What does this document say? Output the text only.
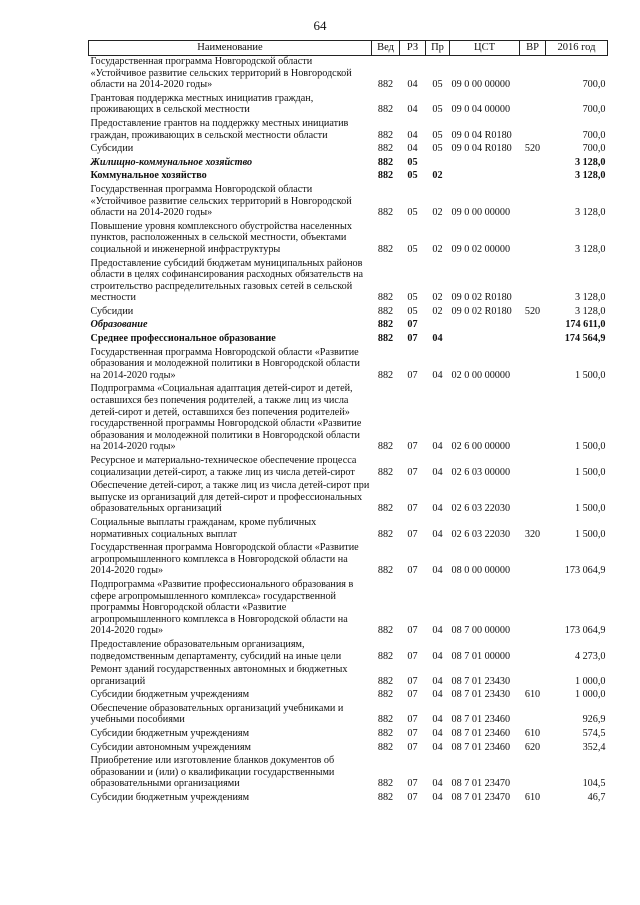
64
Наименование	Вед	РЗ	Пр	ЦСТ	ВР	2016 год
Государственная программа Новгородской области «Устойчивое развитие сельских территорий в Новгородской области на 2014-2020 годы»	882	04	05	09 0 00 00000		700,0
Грантовая поддержка местных инициатив граждан, проживающих в сельской местности	882	04	05	09 0 04 00000		700,0
Предоставление грантов на поддержку местных инициатив граждан, проживающих в сельской местности области	882	04	05	09 0 04 R0180		700,0
Субсидии	882	04	05	09 0 04 R0180	520	700,0
Жилищно-коммунальное хозяйство	882	05				3 128,0
Коммунальное хозяйство	882	05	02			3 128,0
Государственная программа Новгородской области «Устойчивое развитие сельских территорий в Новгородской области на 2014-2020 годы»	882	05	02	09 0 00 00000		3 128,0
Повышение уровня комплексного обустройства населенных пунктов, расположенных в сельской местности, объектами социальной и инженерной инфраструктуры	882	05	02	09 0 02 00000		3 128,0
Предоставление субсидий бюджетам муниципальных районов области в целях софинансирования расходных обязательств на строительство распределительных газовых сетей в сельской местности	882	05	02	09 0 02 R0180		3 128,0
Субсидии	882	05	02	09 0 02 R0180	520	3 128,0
Образование	882	07				174 611,0
Среднее профессиональное образование	882	07	04			174 564,9
Государственная программа Новгородской области «Развитие образования и молодежной политики в Новгородской области на 2014-2020 годы»	882	07	04	02 0 00 00000		1 500,0
Подпрограмма «Социальная адаптация детей-сирот и детей, оставшихся без попечения родителей, а также лиц из числа детей-сирот и детей, оставшихся без попечения родителей» государственной программы Новгородской области «Развитие образования и молодежной политики в Новгородской области на 2014-2020 годы»	882	07	04	02 6 00 00000		1 500,0
Ресурсное и материально-техническое обеспечение процесса социализации детей-сирот, а также лиц из числа детей-сирот	882	07	04	02 6 03 00000		1 500,0
Обеспечение детей-сирот, а также лиц из числа детей-сирот при выпуске из организаций для детей-сирот и профессиональных образовательных организаций	882	07	04	02 6 03 22030		1 500,0
Социальные выплаты гражданам, кроме публичных нормативных социальных выплат	882	07	04	02 6 03 22030	320	1 500,0
Государственная программа Новгородской области «Развитие агропромышленного комплекса в Новгородской области на 2014-2020 годы»	882	07	04	08 0 00 00000		173 064,9
Подпрограмма «Развитие профессионального образования в сфере агропромышленного комплекса» государственной программы Новгородской области «Развитие агропромышленного комплекса в Новгородской области на 2014-2020 годы»	882	07	04	08 7 00 00000		173 064,9
Предоставление образовательным организациям, подведомственным департаменту, субсидий на иные цели	882	07	04	08 7 01 00000		4 273,0
Ремонт зданий государственных автономных и бюджетных организаций	882	07	04	08 7 01 23430		1 000,0
Субсидии бюджетным учреждениям	882	07	04	08 7 01 23430	610	1 000,0
Обеспечение образовательных организаций учебниками и учебными пособиями	882	07	04	08 7 01 23460		926,9
Субсидии бюджетным учреждениям	882	07	04	08 7 01 23460	610	574,5
Субсидии автономным учреждениям	882	07	04	08 7 01 23460	620	352,4
Приобретение или изготовление бланков документов об образовании и (или) о квалификации государственными образовательными организациями	882	07	04	08 7 01 23470		104,5
Субсидии бюджетным учреждениям	882	07	04	08 7 01 23470	610	46,7
